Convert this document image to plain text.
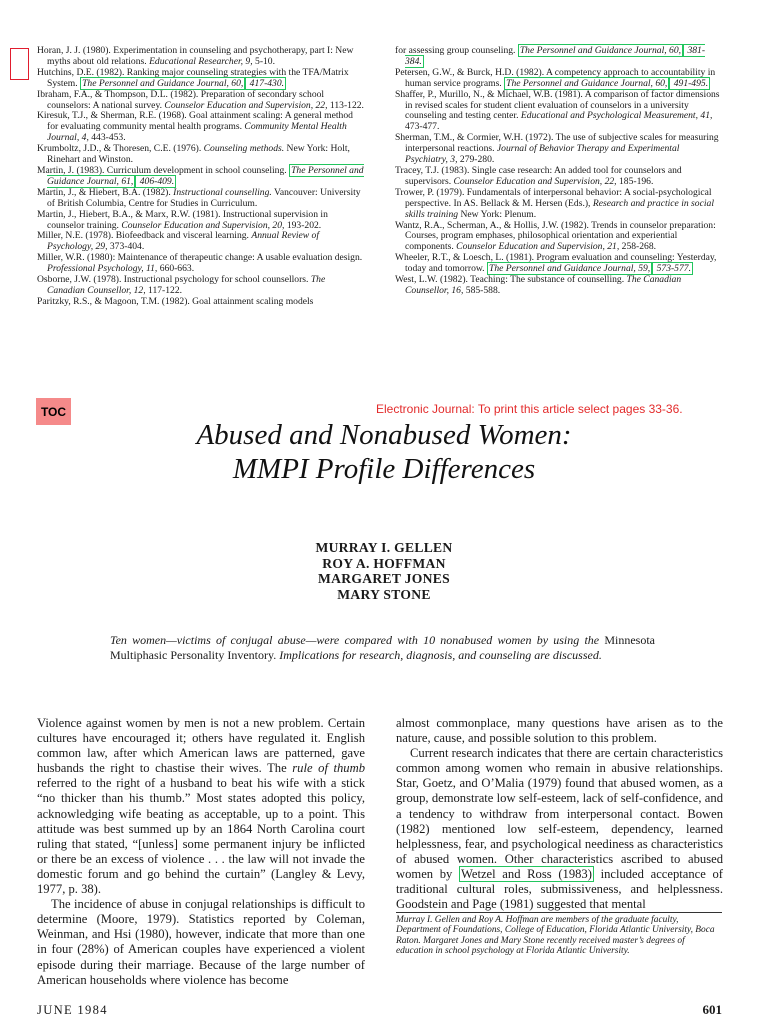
Horan, J. J. (1980). Experimentation in counseling and psychotherapy, part I: New myths about old relations. Educational Researcher, 9, 5-10.

Hutchins, D.E. (1982). Ranking major counseling strategies with the TFA/Matrix System. The Personnel and Guidance Journal, 60, 417-430.

Ibraham, F.A., & Thompson, D.L. (1982). Preparation of secondary school counselors: A national survey. Counselor Education and Supervision, 22, 113-122.

Kiresuk, T.J., & Sherman, R.E. (1968). Goal attainment scaling: A general method for evaluating community mental health programs. Community Mental Health Journal, 4, 443-453.

Krumboltz, J.D., & Thoresen, C.E. (1976). Counseling methods. New York: Holt, Rinehart and Winston.

Martin, J. (1983). Curriculum development in school counseling. The Personnel and Guidance Journal, 61, 406-409.

Martin, J., & Hiebert, B.A. (1982). Instructional counselling. Vancouver: University of British Columbia, Centre for Studies in Curriculum.

Martin, J., Hiebert, B.A., & Marx, R.W. (1981). Instructional supervision in counselor training. Counselor Education and Supervision, 20, 193-202.

Miller, N.E. (1978). Biofeedback and visceral learning. Annual Review of Psychology, 29, 373-404.

Miller, W.R. (1980): Maintenance of therapeutic change: A usable evaluation design. Professional Psychology, 11, 660-663.

Osborne, J.W. (1978). Instructional psychology for school counsellors. The Canadian Counsellor, 12, 117-122.

Paritzky, R.S., & Magoon, T.M. (1982). Goal attainment scaling models

for assessing group counseling. The Personnel and Guidance Journal, 60, 381-384.

Petersen, G.W., & Burck, H.D. (1982). A competency approach to accountability in human service programs. The Personnel and Guidance Journal, 60, 491-495.

Shaffer, P., Murillo, N., & Michael, W.B. (1981). A comparison of factor dimensions in revised scales for student client evaluation of counselors in a university counseling and testing center. Educational and Psychological Measurement, 41, 473-477.

Sherman, T.M., & Cormier, W.H. (1972). The use of subjective scales for measuring interpersonal reactions. Journal of Behavior Therapy and Experimental Psychiatry, 3, 279-280.

Tracey, T.J. (1983). Single case research: An added tool for counselors and supervisors. Counselor Education and Supervision, 22, 185-196.

Trower, P. (1979). Fundamentals of interpersonal behavior: A social-psychological perspective. In AS. Bellack & M. Hersen (Eds.), Research and practice in social skills training New York: Plenum.

Wantz, R.A., Scherman, A., & Hollis, J.W. (1982). Trends in counselor preparation: Courses, program emphases, philosophical orientation and experiential components. Counselor Education and Supervision, 21, 258-268.

Wheeler, R.T., & Loesch, L. (1981). Program evaluation and counseling: Yesterday, today and tomorrow. The Personnel and Guidance Journal, 59, 573-577.

West, L.W. (1982). Teaching: The substance of counselling. The Canadian Counsellor, 16, 585-588.

TOC	Electronic Journal: To print this article select pages 33-36.
Abused and Nonabused Women:
MMPI Profile Differences
MURRAY I. GELLEN
ROY A. HOFFMAN
MARGARET JONES
MARY STONE
Ten women—victims of conjugal abuse—were compared with 10 nonabused women by using the Minnesota Multiphasic Personality Inventory. Implications for research, diagnosis, and counseling are discussed.

Violence against women by men is not a new problem. Certain cultures have encouraged it; others have regulated it. English common law, after which American laws are patterned, gave husbands the right to chastise their wives. The rule of thumb referred to the right of a husband to beat his wife with a stick “no thicker than his thumb.” Most states adopted this policy, acknowledging wife beating as acceptable, up to a point. This attitude was best summed up by an 1864 North Carolina court ruling that stated, “[unless] some permanent injury be inflicted or there be an excess of violence . . . the law will not invade the domestic forum and go behind the curtain” (Langley & Levy, 1977, p. 38).

The incidence of abuse in conjugal relationships is difficult to determine (Moore, 1979). Statistics reported by Coleman, Weinman, and Hsi (1980), however, indicate that more than one in four (28%) of American couples have experienced a violent episode during their marriage. Because of the large number of American households where violence has become

almost commonplace, many questions have arisen as to the nature, cause, and possible solution to this problem.

Current research indicates that there are certain characteristics common among women who remain in abusive relationships. Star, Goetz, and O’Malia (1979) found that abused women, as a group, demonstrate low self-esteem, lack of self-confidence, and a tendency to withdraw from interpersonal contact. Bowen (1982) mentioned low self-esteem, dependency, learned helplessness, fear, and psychological neediness as characteristics of abused women. Other characteristics ascribed to abused women by Wetzel and Ross (1983) included acceptance of traditional cultural roles, submissiveness, and helplessness. Goodstein and Page (1981) suggested that mental

Murray I. Gellen and Roy A. Hoffman are members of the graduate faculty, Department of Foundations, College of Education, Florida Atlantic University, Boca Raton. Margaret Jones and Mary Stone recently received master’s degrees of education in school psychology at Florida Atlantic University.
JUNE 1984	601
